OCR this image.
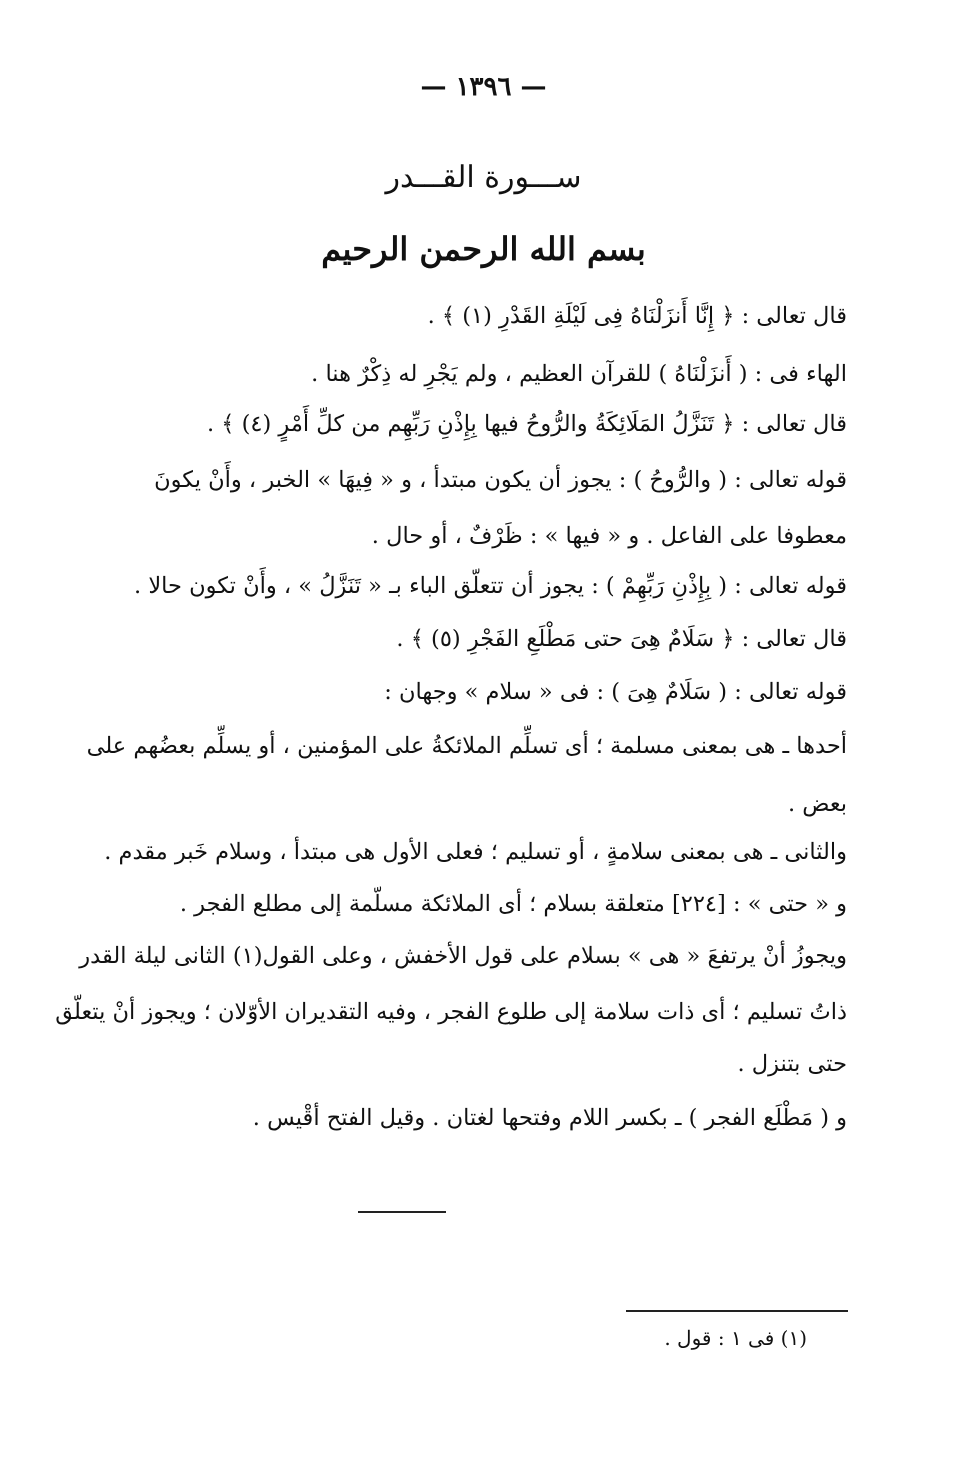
— ١٣٩٦ —
ســـورة القـــدر
بسم الله الرحمن الرحيم
قال تعالى : ﴿ إِنَّا أَنزَلْنَاهُ فِى لَيْلَةِ القَدْرِ (١) ﴾ .
الهاء فى : ( أَنزَلْنَاهُ ) للقرآن العظيم ، ولم يَجْرِ له ذِكْرٌ هنا .
قال تعالى : ﴿ تَنَزَّلُ المَلَائِكَةُ والرُّوحُ فيها بِإِذْنِ رَبِّهِم من كلِّ أَمْرٍ (٤) ﴾ .
قوله تعالى : ( والرُّوحُ ) : يجوز أن يكون مبتدأ ، و « فِيهَا » الخبر ، وأَنْ يكونَ
معطوفا على الفاعل . و « فيها » : ظَرْفٌ ، أو حال .
قوله تعالى : ( بِإِذْنِ رَبِّهِمْ ) : يجوز أن تتعلّق الباء بـ « تَنَزَّلُ » ، وأَنْ تكون حالا .
قال تعالى : ﴿ سَلَامٌ هِىَ حتى مَطْلَعِ الفَجْرِ (٥) ﴾ .
قوله تعالى : ( سَلَامٌ هِىَ ) : فى « سلام » وجهان :
أحدها ـ هى بمعنى مسلمة ؛ أى تسلِّم الملائكةُ على المؤمنين ، أو يسلِّم بعضُهم على
بعض .
والثانى ـ هى بمعنى سلامةٍ ، أو تسليم ؛ فعلى الأول هى مبتدأ ، وسلام خَبر مقدم .
و « حتى » : [٢٢٤] متعلقة بسلام ؛ أى الملائكة مسلّمة إلى مطلع الفجر .
ويجوزُ أنْ يرتفعَ « هى » بسلام على قول الأخفش ، وعلى القول(١) الثانى ليلة القدر
ذاتُ تسليم ؛ أى ذات سلامة إلى طلوع الفجر ، وفيه التقديران الأوّلان ؛ ويجوز أنْ يتعلّق
حتى بتنزل .
و ( مَطْلَع الفجر ) ـ بكسر اللام وفتحها لغتان . وقيل الفتح أقْيس .
(١) فى ١ : قول .
